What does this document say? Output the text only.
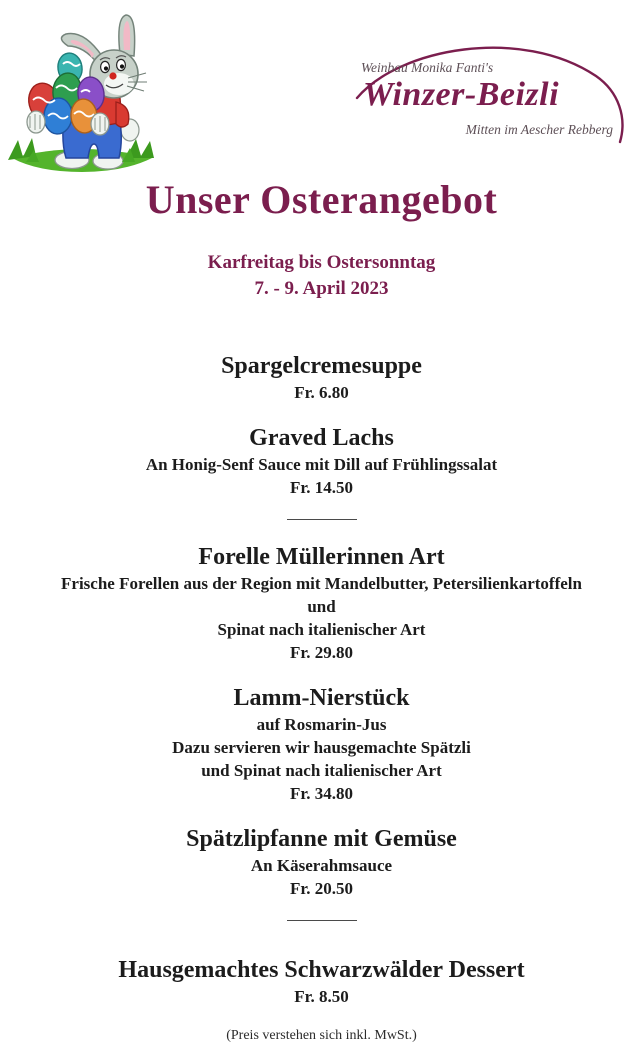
Weinbau Monika Fanti's
Winzer-Beizli
Mitten im Aescher Rebberg
Unser Osterangebot
Karfreitag bis Ostersonntag
7. - 9. April 2023
Spargelcremesuppe
Fr. 6.80
Graved Lachs
An Honig-Senf Sauce mit Dill auf Frühlingssalat
Fr. 14.50
Forelle Müllerinnen Art
Frische Forellen aus der Region mit Mandelbutter, Petersilienkartoffeln
und
Spinat nach italienischer Art
Fr. 29.80
Lamm-Nierstück
auf Rosmarin-Jus
Dazu servieren wir hausgemachte Spätzli
und Spinat nach italienischer Art
Fr. 34.80
Spätzlipfanne mit Gemüse
An Käserahmsauce
Fr. 20.50
Hausgemachtes Schwarzwälder Dessert
Fr. 8.50
(Preis verstehen sich inkl. MwSt.)
